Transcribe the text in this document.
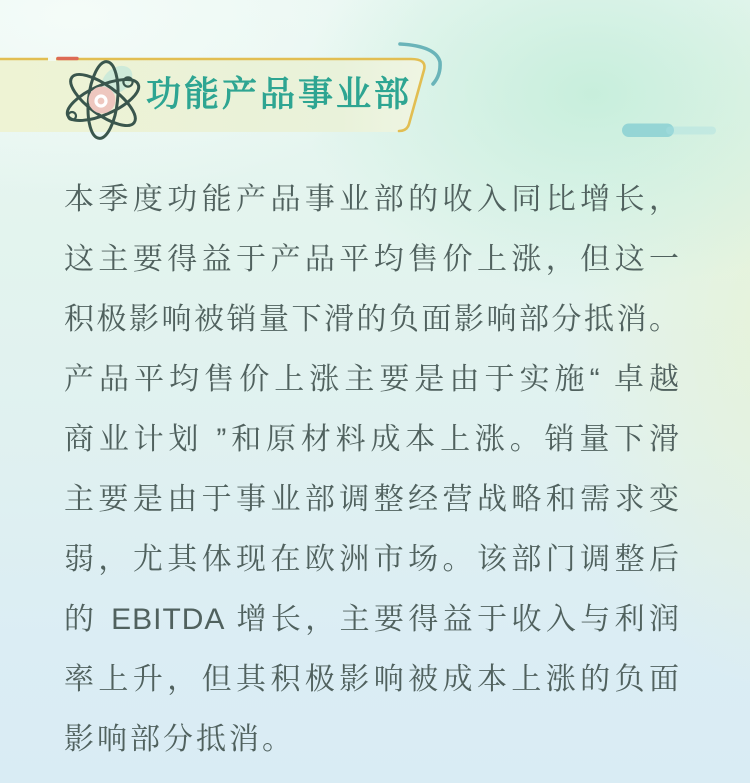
功能产品事业部

本季度功能产品事业部的收入同比增长，

这主要得益于产品平均售价上涨，但这一

积极影响被销量下滑的负面影响部分抵消。

产品平均售价上涨主要是由于实施“ 卓越

商业计划 ”和原材料成本上涨。销量下滑

主要是由于事业部调整经营战略和需求变

弱，尤其体现在欧洲市场。该部门调整后

的 EBITDA 增长，主要得益于收入与利润

率上升，但其积极影响被成本上涨的负面

影响部分抵消。
